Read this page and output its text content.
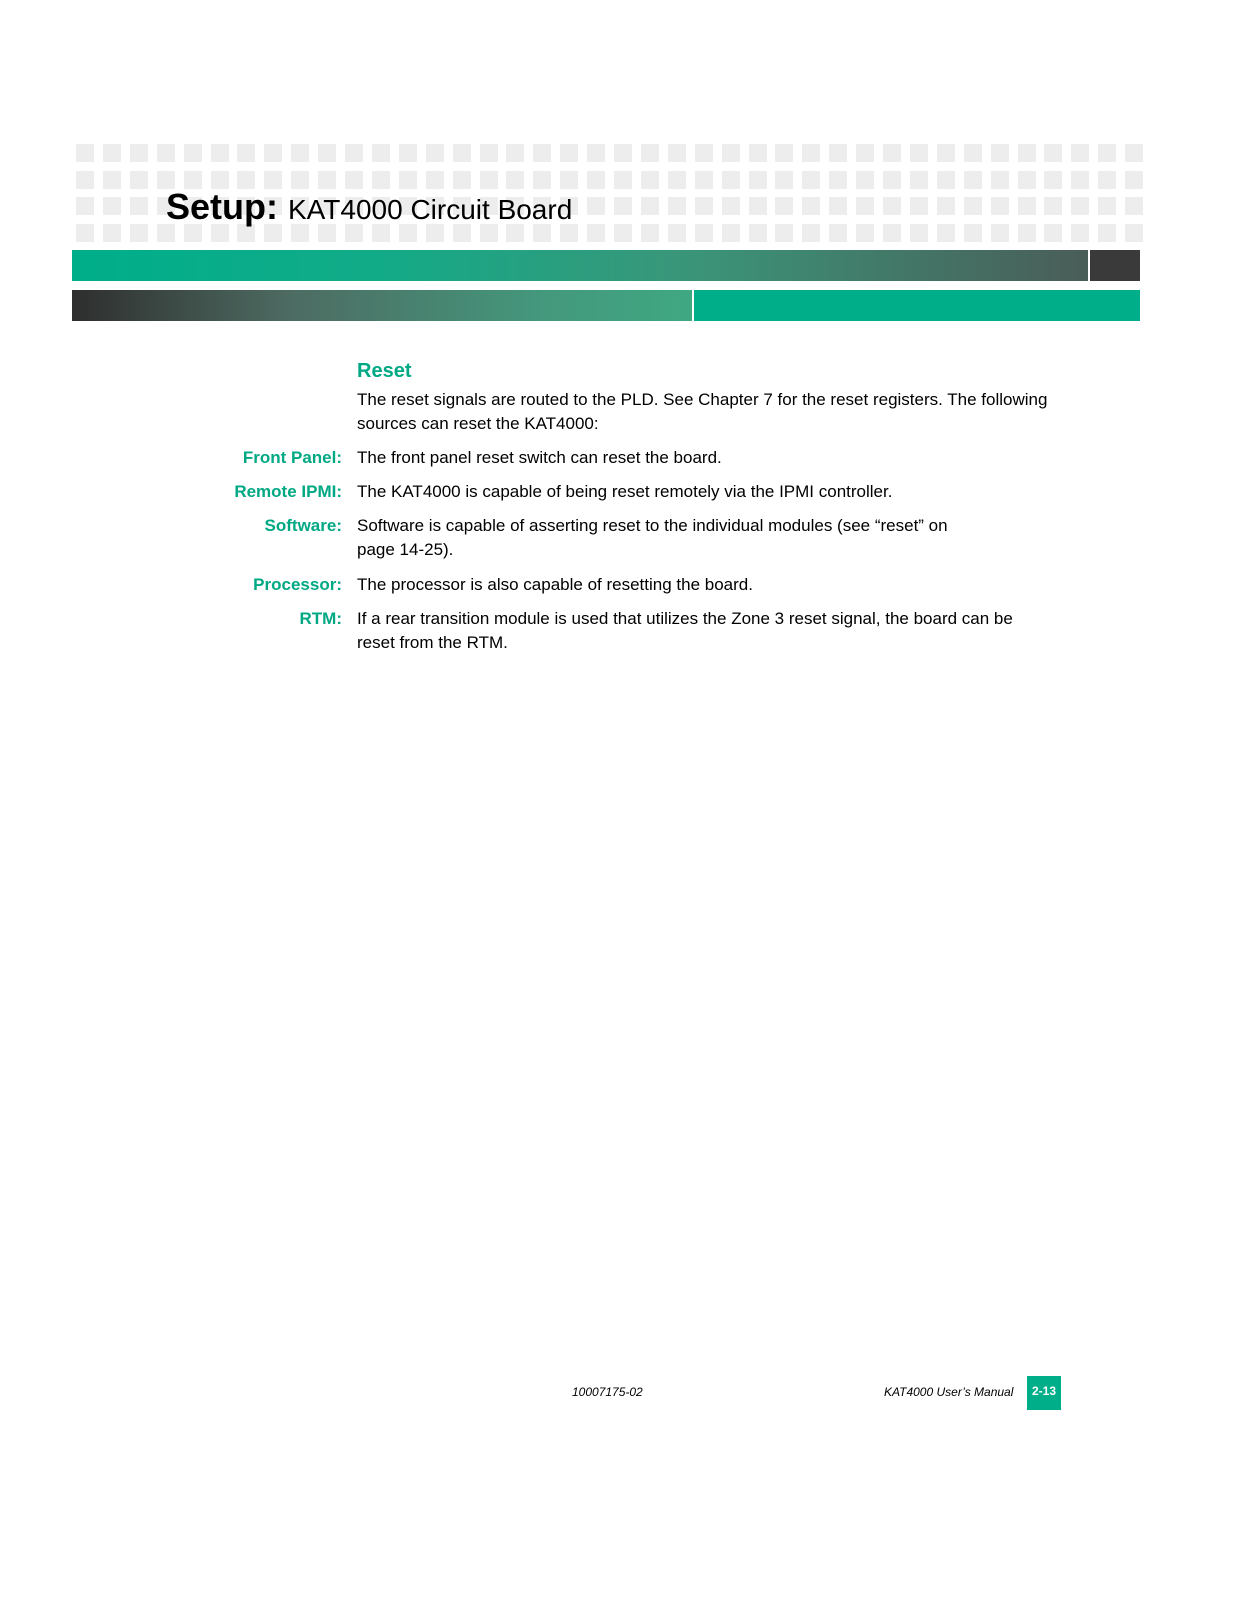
Setup: KAT4000 Circuit Board
Reset
The reset signals are routed to the PLD. See Chapter 7 for the reset registers. The following sources can reset the KAT4000:
Front Panel: The front panel reset switch can reset the board.
Remote IPMI: The KAT4000 is capable of being reset remotely via the IPMI controller.
Software: Software is capable of asserting reset to the individual modules (see “reset” on page 14-25).
Processor: The processor is also capable of resetting the board.
RTM: If a rear transition module is used that utilizes the Zone 3 reset signal, the board can be reset from the RTM.
10007175-02	KAT4000 User’s Manual	2-13
